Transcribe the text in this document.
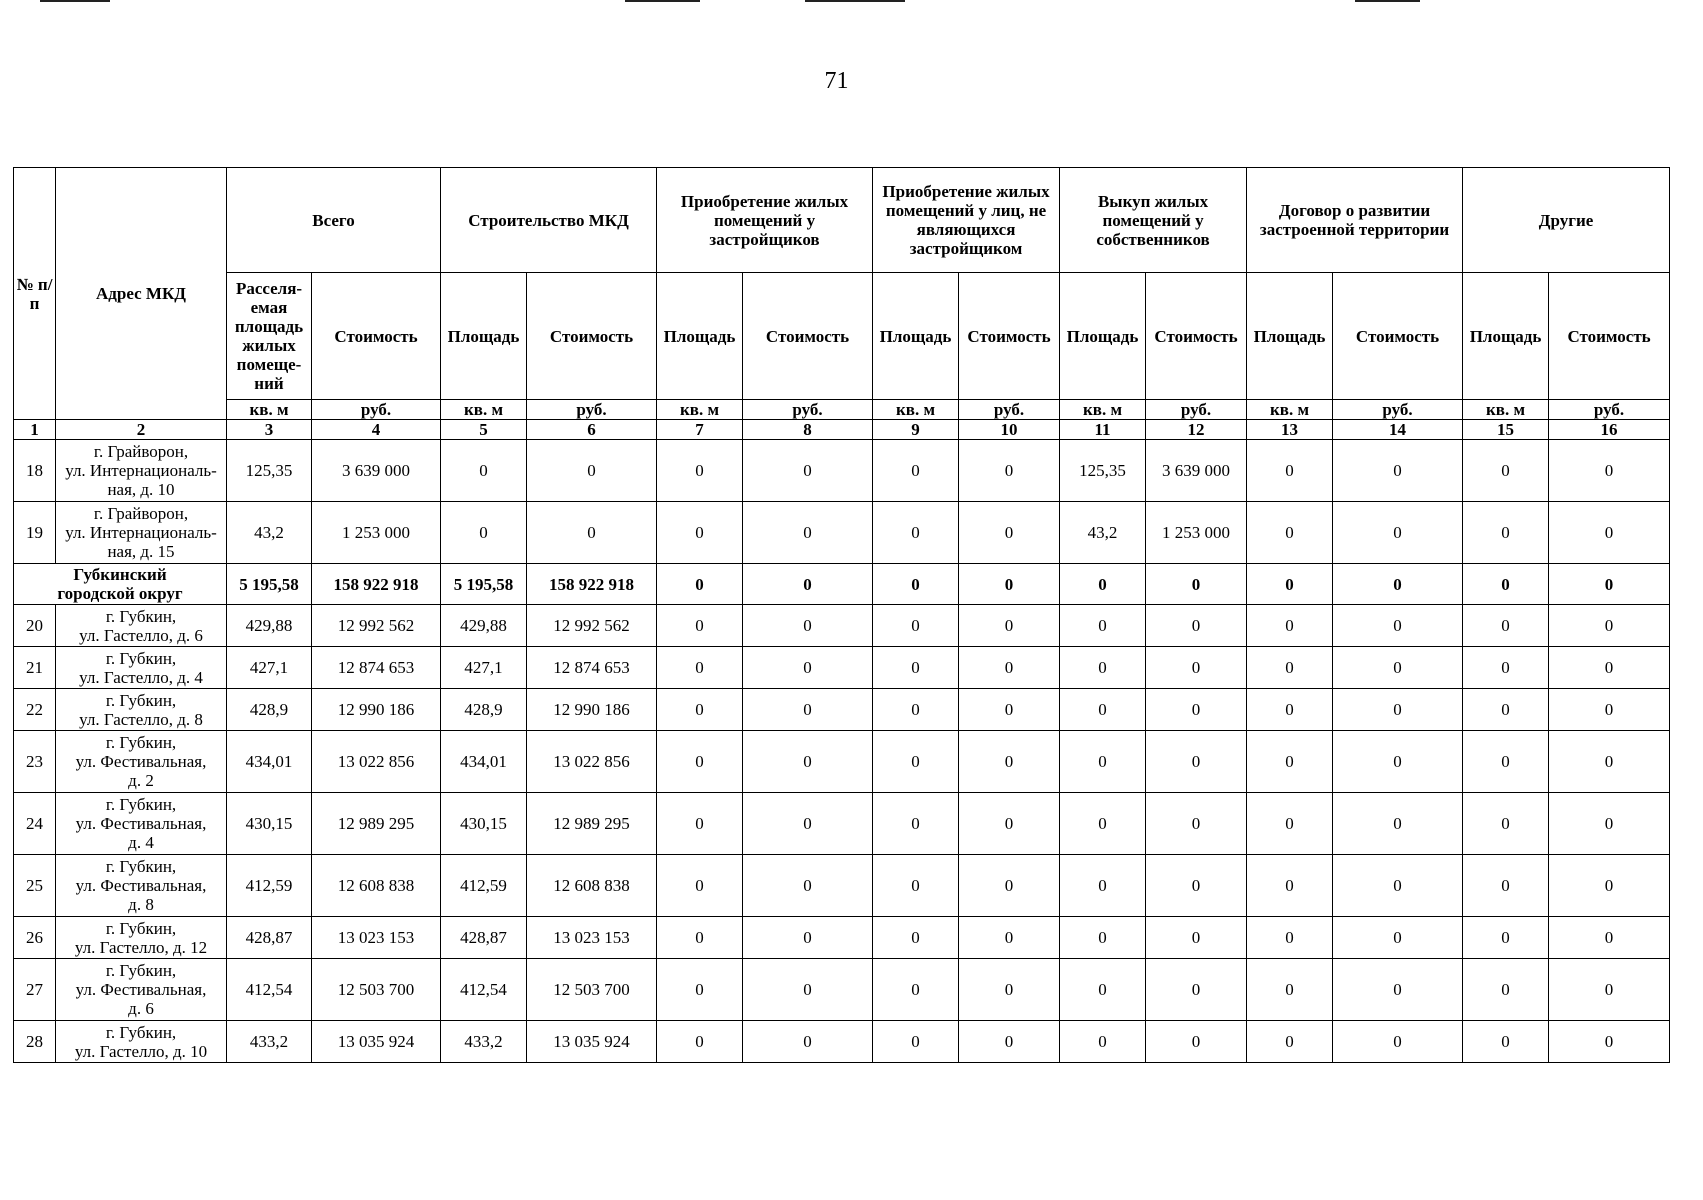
71
№ п/п	Адрес МКД	Всего		Строительство МКД		Приобретение жилых помещений у застройщиков		Приобретение жилых помещений у лиц, не являющихся застройщиком		Выкуп жилых помещений у собственников		Договор о развитии застроенной территории		Другие	
		Расселя-емая площадь жилых помеще-ний	Стоимость	Площадь	Стоимость	Площадь	Стоимость	Площадь	Стоимость	Площадь	Стоимость	Площадь	Стоимость	Площадь	Стоимость
		кв. м	руб.	кв. м	руб.	кв. м	руб.	кв. м	руб.	кв. м	руб.	кв. м	руб.	кв. м	руб.
1	2	3	4	5	6	7	8	9	10	11	12	13	14	15	16
18	г. Грайворон,
ул. Интернациональ-
ная, д. 10	125,35	3 639 000	0	0	0	0	0	0	125,35	3 639 000	0	0	0	0
19	г. Грайворон,
ул. Интернациональ-
ная, д. 15	43,2	1 253 000	0	0	0	0	0	0	43,2	1 253 000	0	0	0	0

Губкинский
городской округ		5 195,58	158 922 918	5 195,58	158 922 918	0	0	0	0	0	0	0	0	0	0
20	г. Губкин,
ул. Гастелло, д. 6	429,88	12 992 562	429,88	12 992 562	0	0	0	0	0	0	0	0	0	0
21	г. Губкин,
ул. Гастелло, д. 4	427,1	12 874 653	427,1	12 874 653	0	0	0	0	0	0	0	0	0	0
22	г. Губкин,
ул. Гастелло, д. 8	428,9	12 990 186	428,9	12 990 186	0	0	0	0	0	0	0	0	0	0
23	г. Губкин,
ул. Фестивальная,
д. 2	434,01	13 022 856	434,01	13 022 856	0	0	0	0	0	0	0	0	0	0
24	г. Губкин,
ул. Фестивальная,
д. 4	430,15	12 989 295	430,15	12 989 295	0	0	0	0	0	0	0	0	0	0
25	г. Губкин,
ул. Фестивальная,
д. 8	412,59	12 608 838	412,59	12 608 838	0	0	0	0	0	0	0	0	0	0
26	г. Губкин,
ул. Гастелло, д. 12	428,87	13 023 153	428,87	13 023 153	0	0	0	0	0	0	0	0	0	0
27	г. Губкин,
ул. Фестивальная,
д. 6	412,54	12 503 700	412,54	12 503 700	0	0	0	0	0	0	0	0	0	0
28	г. Губкин,
ул. Гастелло, д. 10	433,2	13 035 924	433,2	13 035 924	0	0	0	0	0	0	0	0	0	0
